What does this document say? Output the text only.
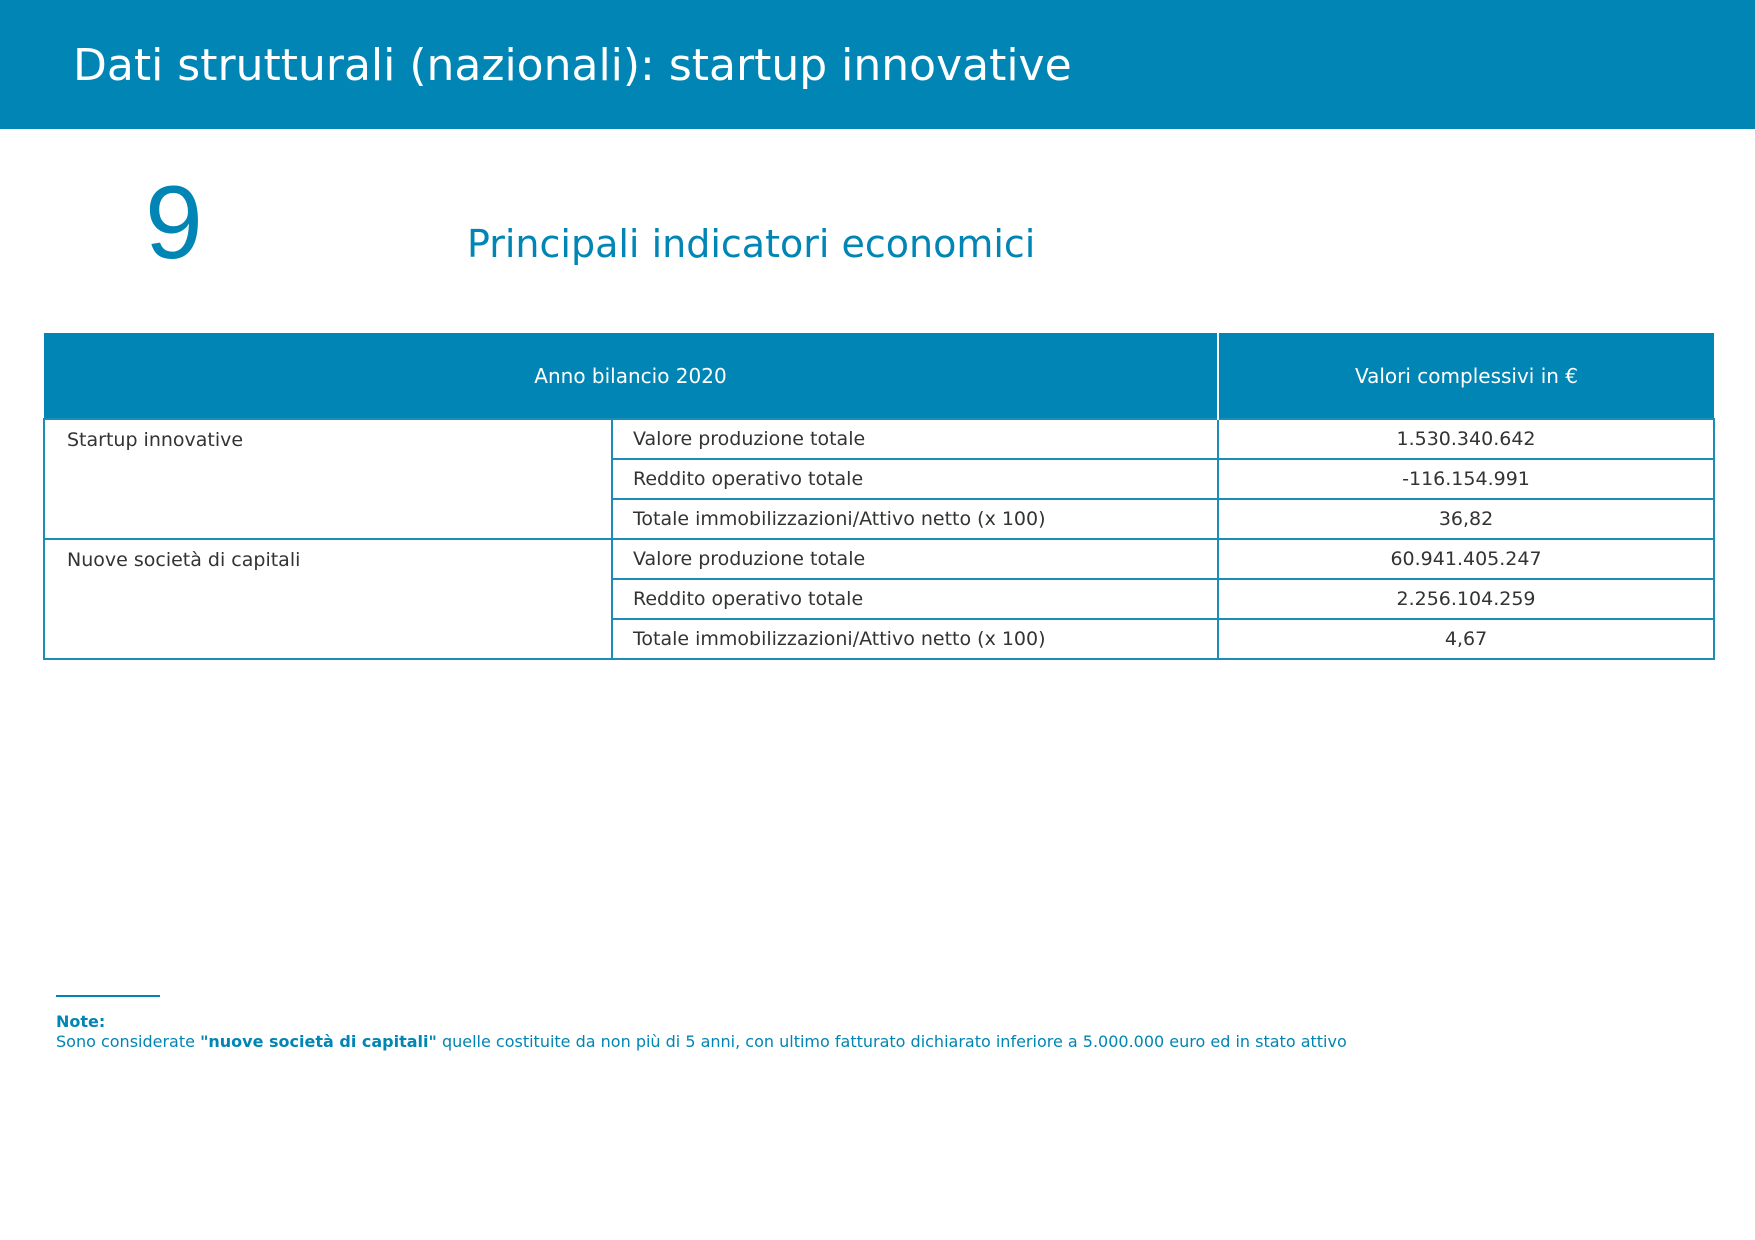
Dati strutturali (nazionali): startup innovative
9	Principali indicatori economici
Anno bilancio 2020		Valori complessivi in €
Startup innovative	Valore produzione totale	1.530.340.642
	Reddito operativo totale	-116.154.991
	Totale immobilizzazioni/Attivo netto (x 100)	36,82
Nuove società di capitali	Valore produzione totale	60.941.405.247
	Reddito operativo totale	2.256.104.259
	Totale immobilizzazioni/Attivo netto (x 100)	4,67
Note:
Sono considerate "nuove società di capitali" quelle costituite da non più di 5 anni, con ultimo fatturato dichiarato inferiore a 5.000.000 euro ed in stato attivo
